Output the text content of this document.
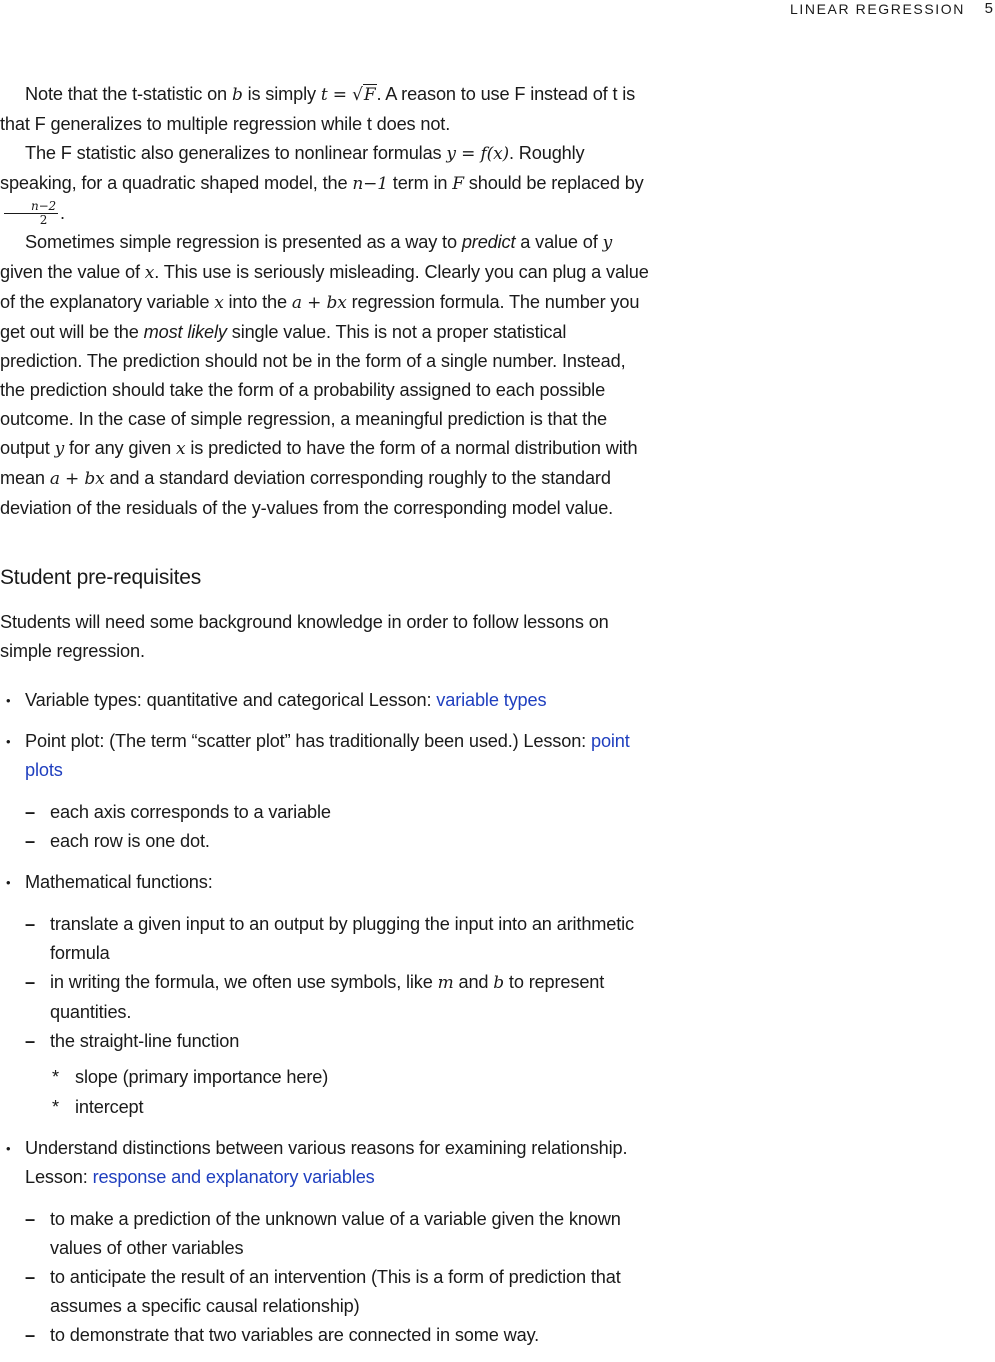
LINEAR REGRESSION 5

Note that the t-statistic on b is simply t = √F. A reason to use F instead of t is that F generalizes to multiple regression while t does not.

The F statistic also generalizes to nonlinear formulas y = f(x). Roughly speaking, for a quadratic shaped model, the n−1 term in F should be replaced by
$\frac{n-2}{2}$ .

Sometimes simple regression is presented as a way to predict a value of y given the value of x. This use is seriously misleading. Clearly you can plug a value of the explanatory variable x into the a + bx regression formula. The number you get out will be the most likely single value. This is not a proper statistical prediction. The prediction should not be in the form of a single number. Instead, the prediction should take the form of a probability assigned to each possible outcome. In the case of simple regression, a meaningful prediction is that the output y for any given x is predicted to have the form of a normal distribution with mean a + bx and a standard deviation corresponding roughly to the standard deviation of the residuals of the y-values from the corresponding model value.

Student pre-requisites

Students will need some background knowledge in order to follow lessons on simple regression.

• Variable types: quantitative and categorical Lesson: variable types
• Point plot: (The term “scatter plot” has traditionally been used.) Lesson: point plots
– each axis corresponds to a variable
– each row is one dot.
• Mathematical functions:
– translate a given input to an output by plugging the input into an arithmetic formula
– in writing the formula, we often use symbols, like m and b to represent quantities.
– the straight-line function
* slope (primary importance here)
* intercept
• Understand distinctions between various reasons for examining relationship. Lesson: response and explanatory variables
– to make a prediction of the unknown value of a variable given the known values of other variables
– to anticipate the result of an intervention (This is a form of prediction that assumes a specific causal relationship)
– to demonstrate that two variables are connected in some way.
